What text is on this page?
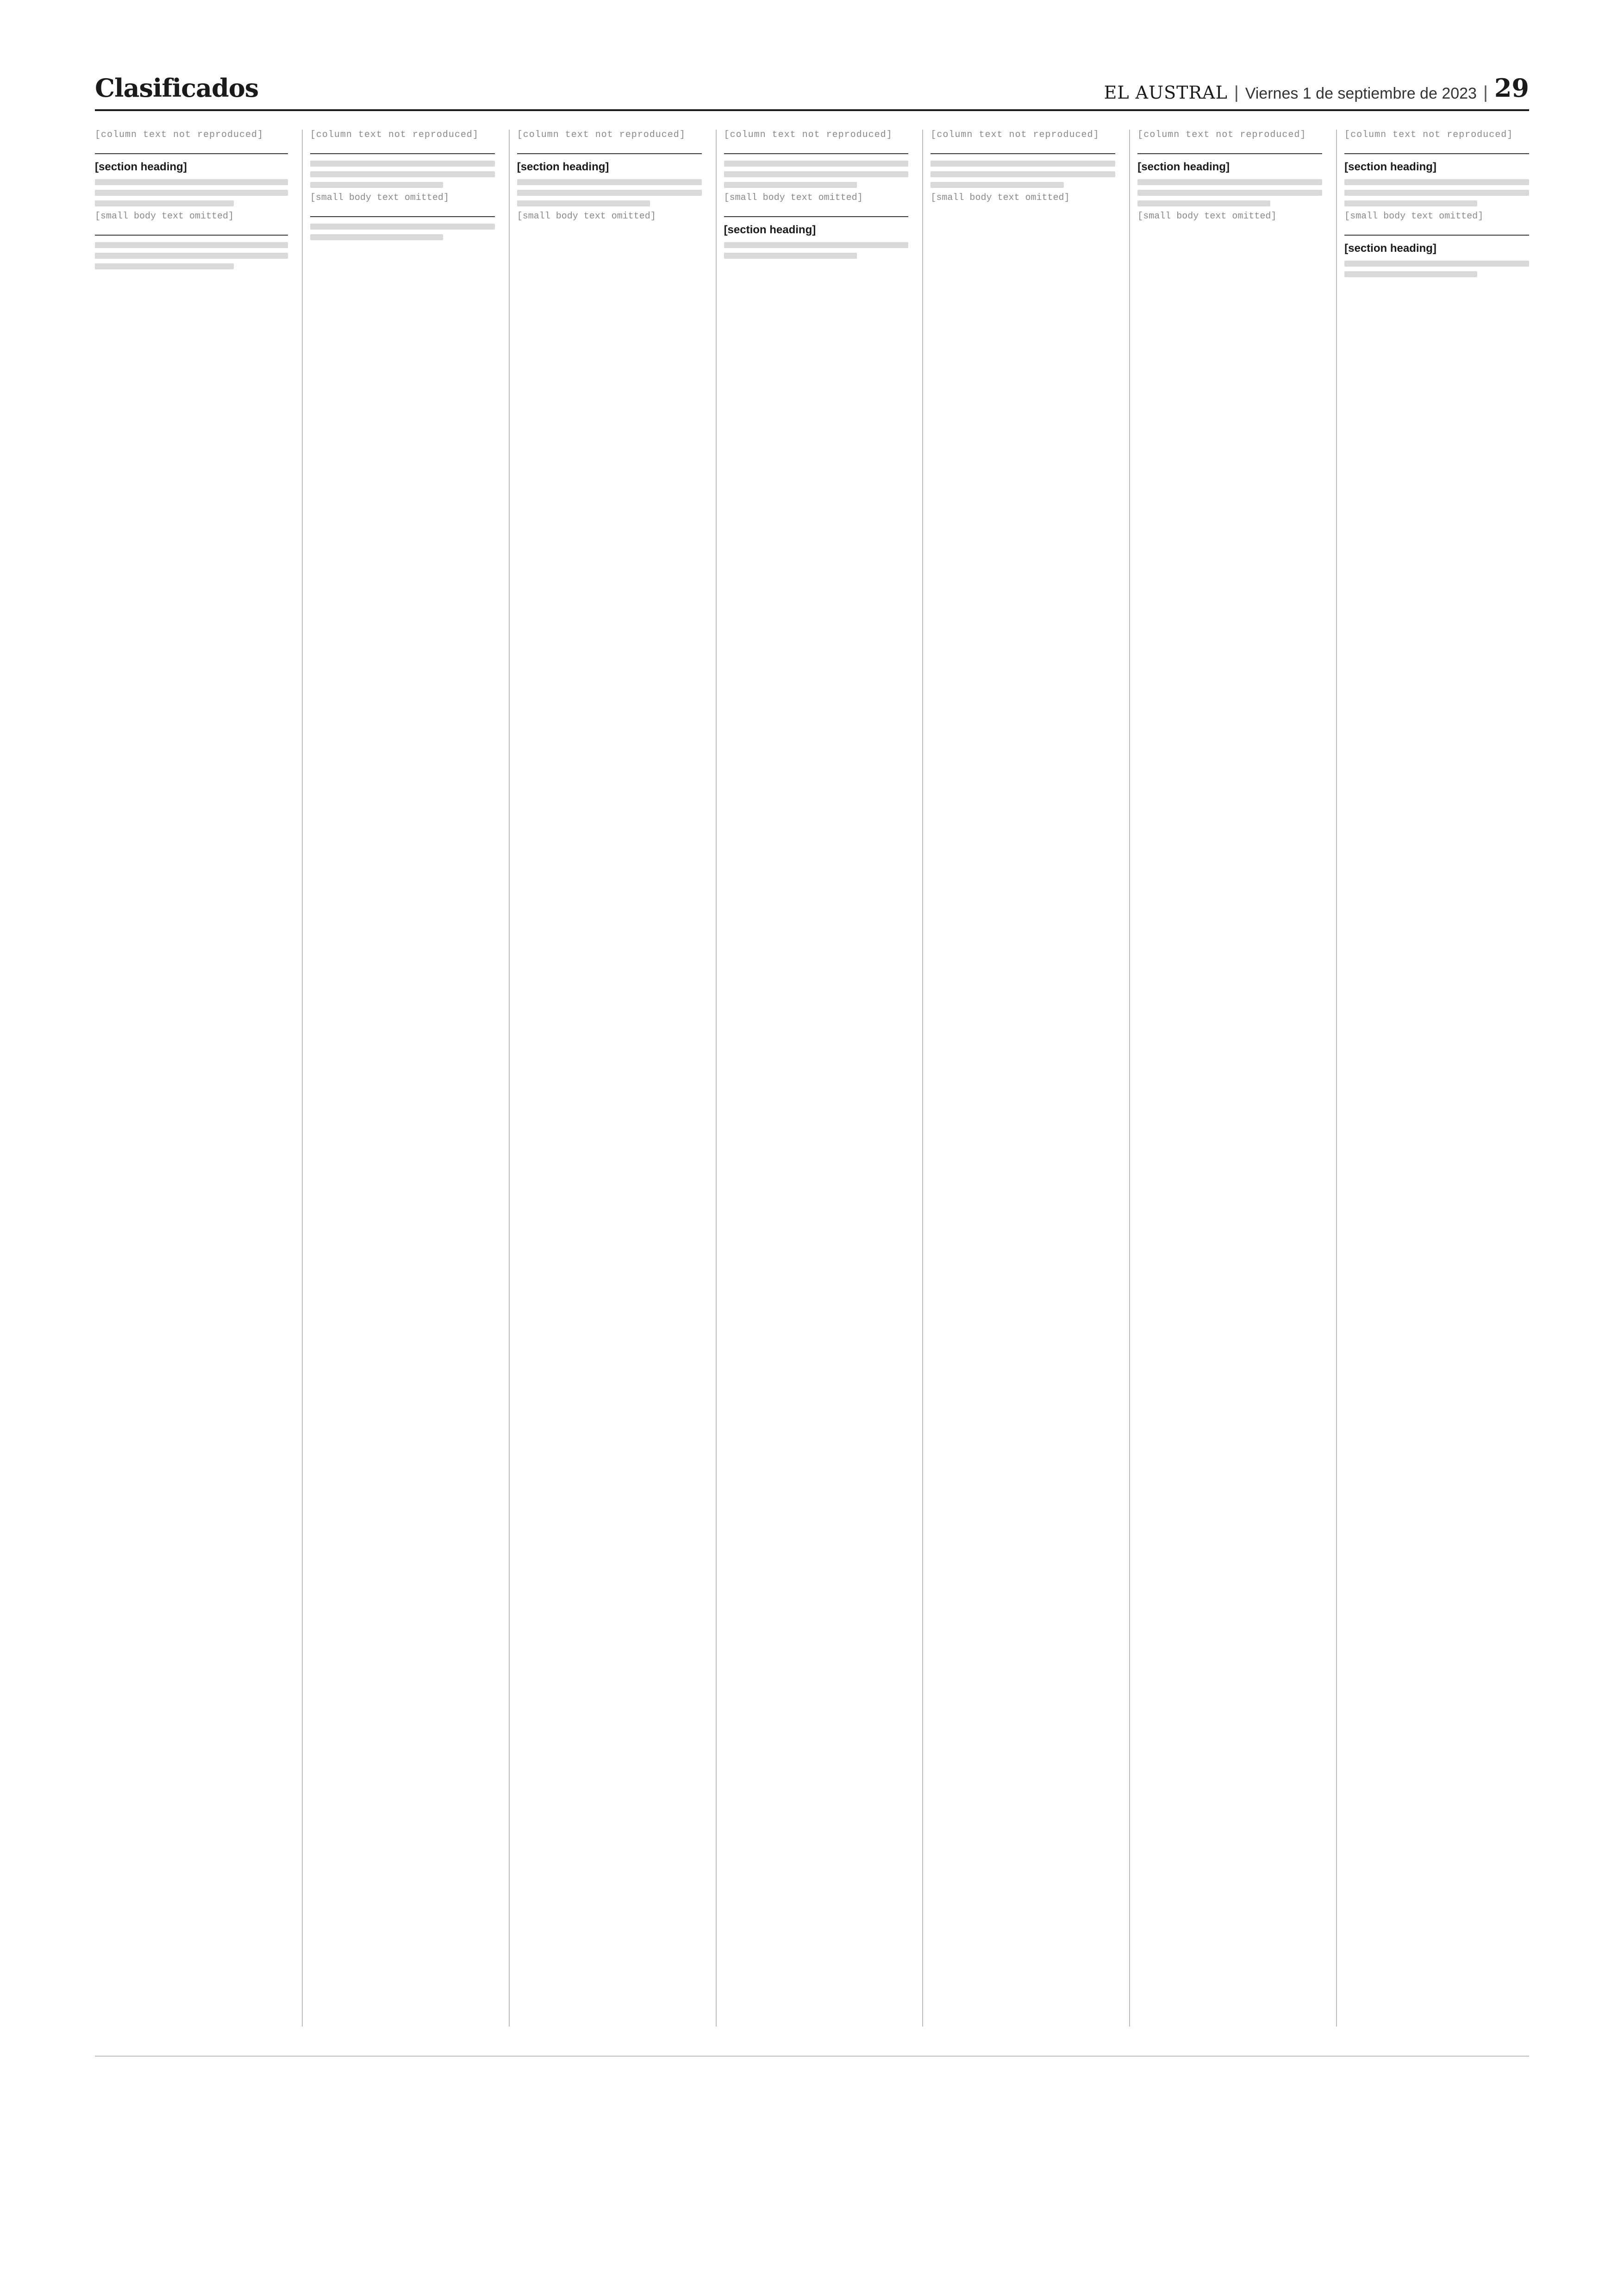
Clasificados	EL AUSTRAL | Viernes 1 de septiembre de 2023 | 29
[column text not reproduced]
[section heading]
[small body text omitted]
[column text not reproduced]
[small body text omitted]
[column text not reproduced]
[section heading]
[small body text omitted]
[column text not reproduced]
[small body text omitted]
[section heading]
[column text not reproduced]
[small body text omitted]
[column text not reproduced]
[section heading]
[small body text omitted]
[column text not reproduced]
[section heading]
[small body text omitted]
[section heading]
